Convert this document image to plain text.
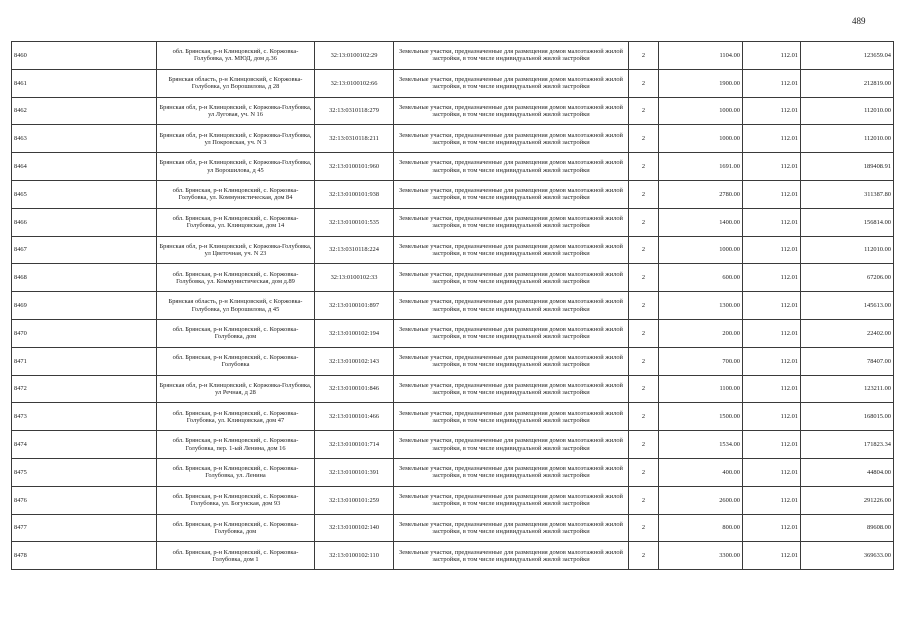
489
8460	обл. Брянская, р-н Клинцовский, с. Коржовка-Голубовка, ул. МЮД, дом д.36	32:13:0100102:29	Земельные участки, предназначенные для размещения домов малоэтажной жилой застройки, в том числе индивидуальной жилой застройки	2	1104.00	112.01	123659.04
8461	Брянская область, р-н Клинцовский, с Коржовка-Голубовка, ул Ворошилова, д 28	32:13:0100102:66	Земельные участки, предназначенные для размещения домов малоэтажной жилой застройки, в том числе индивидуальной жилой застройки	2	1900.00	112.01	212819.00
8462	Брянская обл, р-н Клинцовский, с Коржовка-Голубовка, ул Луговая, уч. N 16	32:13:0310118:279	Земельные участки, предназначенные для размещения домов малоэтажной жилой застройки, в том числе индивидуальной жилой застройки	2	1000.00	112.01	112010.00
8463	Брянская обл, р-н Клинцовский, с Коржовка-Голубовка, ул Покровская, уч. N 3	32:13:0310118:211	Земельные участки, предназначенные для размещения домов малоэтажной жилой застройки, в том числе индивидуальной жилой застройки	2	1000.00	112.01	112010.00
8464	Брянская обл, р-н Клинцовский, с Коржовка-Голубовка, ул Ворошилова, д 45	32:13:0100101:960	Земельные участки, предназначенные для размещения домов малоэтажной жилой застройки, в том числе индивидуальной жилой застройки	2	1691.00	112.01	189408.91
8465	обл. Брянская, р-н Клинцовский, с. Коржовка-Голубовка, ул. Коммунистическая, дом 84	32:13:0100101:938	Земельные участки, предназначенные для размещения домов малоэтажной жилой застройки, в том числе индивидуальной жилой застройки	2	2780.00	112.01	311387.80
8466	обл. Брянская, р-н Клинцовский, с. Коржовка-Голубовка, ул. Клинцовская, дом 14	32:13:0100101:535	Земельные участки, предназначенные для размещения домов малоэтажной жилой застройки, в том числе индивидуальной жилой застройки	2	1400.00	112.01	156814.00
8467	Брянская обл, р-н Клинцовский, с Коржовка-Голубовка, ул Цветочная, уч. N 23	32:13:0310118:224	Земельные участки, предназначенные для размещения домов малоэтажной жилой застройки, в том числе индивидуальной жилой застройки	2	1000.00	112.01	112010.00
8468	обл. Брянская, р-н Клинцовский, с. Коржовка-Голубовка, ул. Коммунистическая, дом д.89	32:13:0100102:33	Земельные участки, предназначенные для размещения домов малоэтажной жилой застройки, в том числе индивидуальной жилой застройки	2	600.00	112.01	67206.00
8469	Брянская область, р-н Клинцовский, с Коржовка-Голубовка, ул Ворошилова, д 45	32:13:0100101:897	Земельные участки, предназначенные для размещения домов малоэтажной жилой застройки, в том числе индивидуальной жилой застройки	2	1300.00	112.01	145613.00
8470	обл. Брянская, р-н Клинцовский, с. Коржовка-Голубовка, дом	32:13:0100102:194	Земельные участки, предназначенные для размещения домов малоэтажной жилой застройки, в том числе индивидуальной жилой застройки	2	200.00	112.01	22402.00
8471	обл. Брянская, р-н Клинцовский, с. Коржовка-Голубовка	32:13:0100102:143	Земельные участки, предназначенные для размещения домов малоэтажной жилой застройки, в том числе индивидуальной жилой застройки	2	700.00	112.01	78407.00
8472	Брянская обл, р-н Клинцовский, с Коржовка-Голубовка, ул Речная, д 28	32:13:0100101:846	Земельные участки, предназначенные для размещения домов малоэтажной жилой застройки, в том числе индивидуальной жилой застройки	2	1100.00	112.01	123211.00
8473	обл. Брянская, р-н Клинцовский, с. Коржовка-Голубовка, ул. Клинцовская, дом 47	32:13:0100101:466	Земельные участки, предназначенные для размещения домов малоэтажной жилой застройки, в том числе индивидуальной жилой застройки	2	1500.00	112.01	168015.00
8474	обл. Брянская, р-н Клинцовский, с. Коржовка-Голубовка, пер. 1-ый Ленина, дом 16	32:13:0100101:714	Земельные участки, предназначенные для размещения домов малоэтажной жилой застройки, в том числе индивидуальной жилой застройки	2	1534.00	112.01	171823.34
8475	обл. Брянская, р-н Клинцовский, с. Коржовка-Голубовка, ул. Ленина	32:13:0100101:391	Земельные участки, предназначенные для размещения домов малоэтажной жилой застройки, в том числе индивидуальной жилой застройки	2	400.00	112.01	44804.00
8476	обл. Брянская, р-н Клинцовский, с. Коржовка-Голубовка, ул. Богунская, дом 93	32:13:0100101:259	Земельные участки, предназначенные для размещения домов малоэтажной жилой застройки, в том числе индивидуальной жилой застройки	2	2600.00	112.01	291226.00
8477	обл. Брянская, р-н Клинцовский, с. Коржовка-Голубовка, дом	32:13:0100102:140	Земельные участки, предназначенные для размещения домов малоэтажной жилой застройки, в том числе индивидуальной жилой застройки	2	800.00	112.01	89608.00
8478	обл. Брянская, р-н Клинцовский, с. Коржовка-Голубовка, дом 1	32:13:0100102:110	Земельные участки, предназначенные для размещения домов малоэтажной жилой застройки, в том числе индивидуальной жилой застройки	2	3300.00	112.01	369633.00
